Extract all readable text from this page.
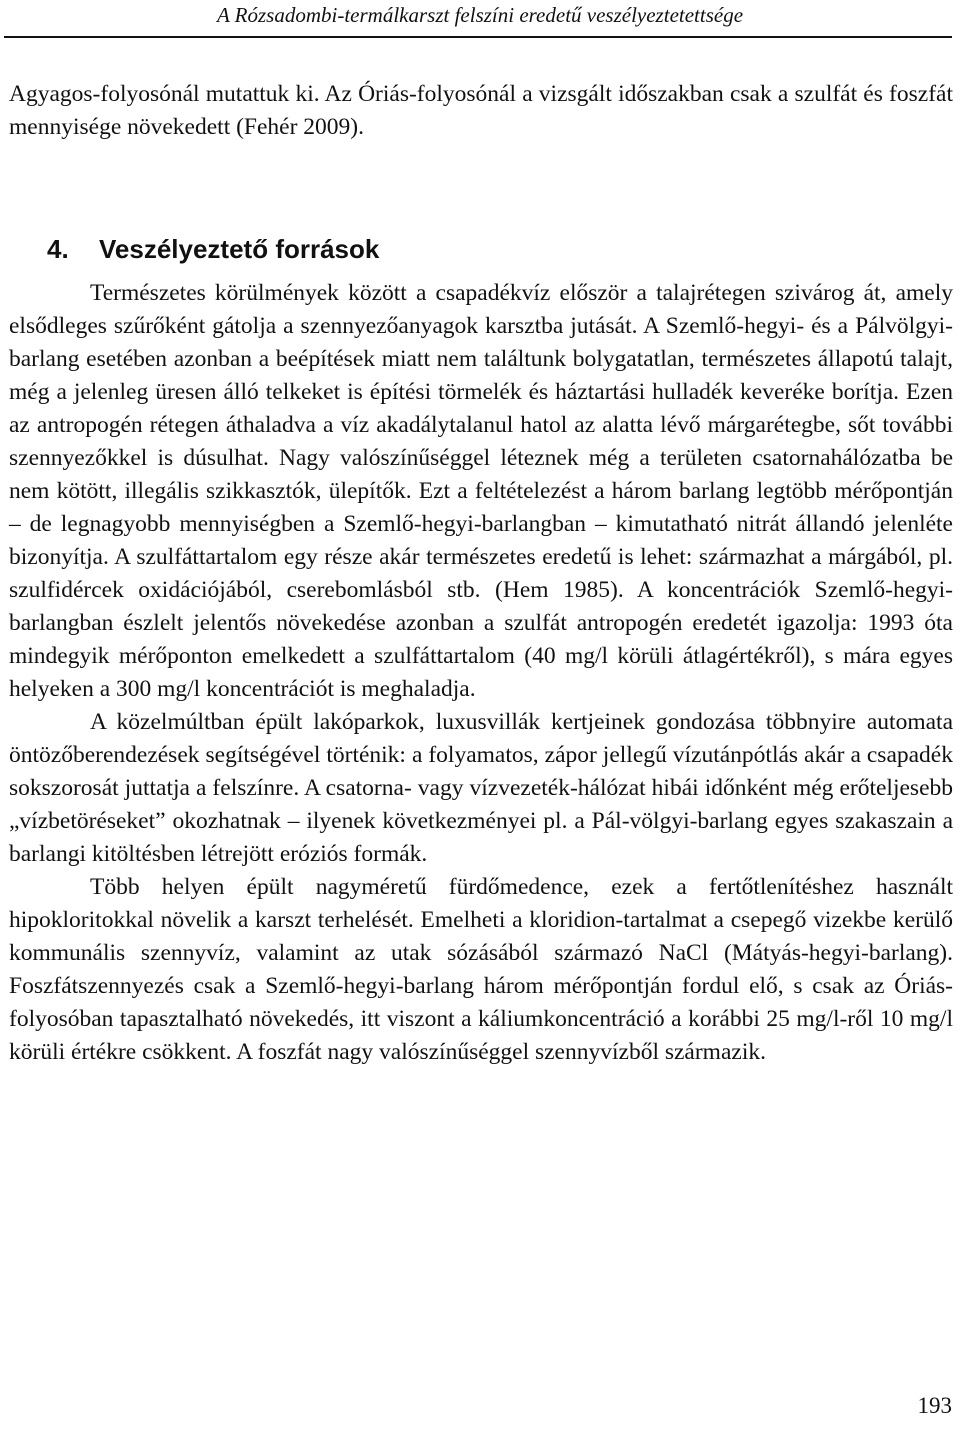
A Rózsadombi-termálkarszt felszíni eredetű veszélyeztetettsége

Agyagos-folyosónál mutattuk ki. Az Óriás-folyosónál a vizsgált időszakban csak a szulfát és foszfát mennyisége növekedett (Fehér 2009).

4. Veszélyeztető források

Természetes körülmények között a csapadékvíz először a talajrétegen szivárog át, amely elsődleges szűrőként gátolja a szennyezőanyagok karsztba jutását. A Szemlő-hegyi- és a Pálvölgyi-barlang esetében azonban a beépítések miatt nem találtunk bolygatatlan, természetes állapotú talajt, még a jelenleg üresen álló telkeket is építési törmelék és háztartási hulladék keveréke borítja. Ezen az antropogén rétegen áthaladva a víz akadálytalanul hatol az alatta lévő márgarétegbe, sőt további szennyezőkkel is dúsulhat. Nagy valószínűséggel léteznek még a területen csatornahálózatba be nem kötött, illegális szikkasztók, ülepítők. Ezt a feltételezést a három barlang legtöbb mérőpontján – de legnagyobb mennyiségben a Szemlő-hegyi-barlangban – kimutatható nitrát állandó jelenléte bizonyítja. A szulfáttartalom egy része akár természetes eredetű is lehet: származhat a márgából, pl. szulfidércek oxidációjából, cserebomlásból stb. (Hem 1985). A koncentrációk Szemlő-hegyi-barlangban észlelt jelentős növekedése azonban a szulfát antropogén eredetét igazolja: 1993 óta mindegyik mérőponton emelkedett a szulfáttartalom (40 mg/l körüli átlagértékről), s mára egyes helyeken a 300 mg/l koncentrációt is meghaladja.

A közelmúltban épült lakóparkok, luxusvillák kertjeinek gondozása többnyire automata öntözőberendezések segítségével történik: a folyamatos, zápor jellegű vízutánpótlás akár a csapadék sokszorosát juttatja a felszínre. A csatorna- vagy vízvezeték-hálózat hibái időnként még erőteljesebb „vízbetöréseket” okozhatnak – ilyenek következményei pl. a Pál-völgyi-barlang egyes szakaszain a barlangi kitöltésben létrejött eróziós formák.

Több helyen épült nagyméretű fürdőmedence, ezek a fertőtlenítéshez használt hipokloritokkal növelik a karszt terhelését. Emelheti a kloridion-tartalmat a csepegő vizekbe kerülő kommunális szennyvíz, valamint az utak sózásából származó NaCl (Mátyás-hegyi-barlang). Foszfátszennyezés csak a Szemlő-hegyi-barlang három mérőpontján fordul elő, s csak az Óriás-folyosóban tapasztalható növekedés, itt viszont a káliumkoncentráció a korábbi 25 mg/l-ről 10 mg/l körüli értékre csökkent. A foszfát nagy valószínűséggel szennyvízből származik.

193
